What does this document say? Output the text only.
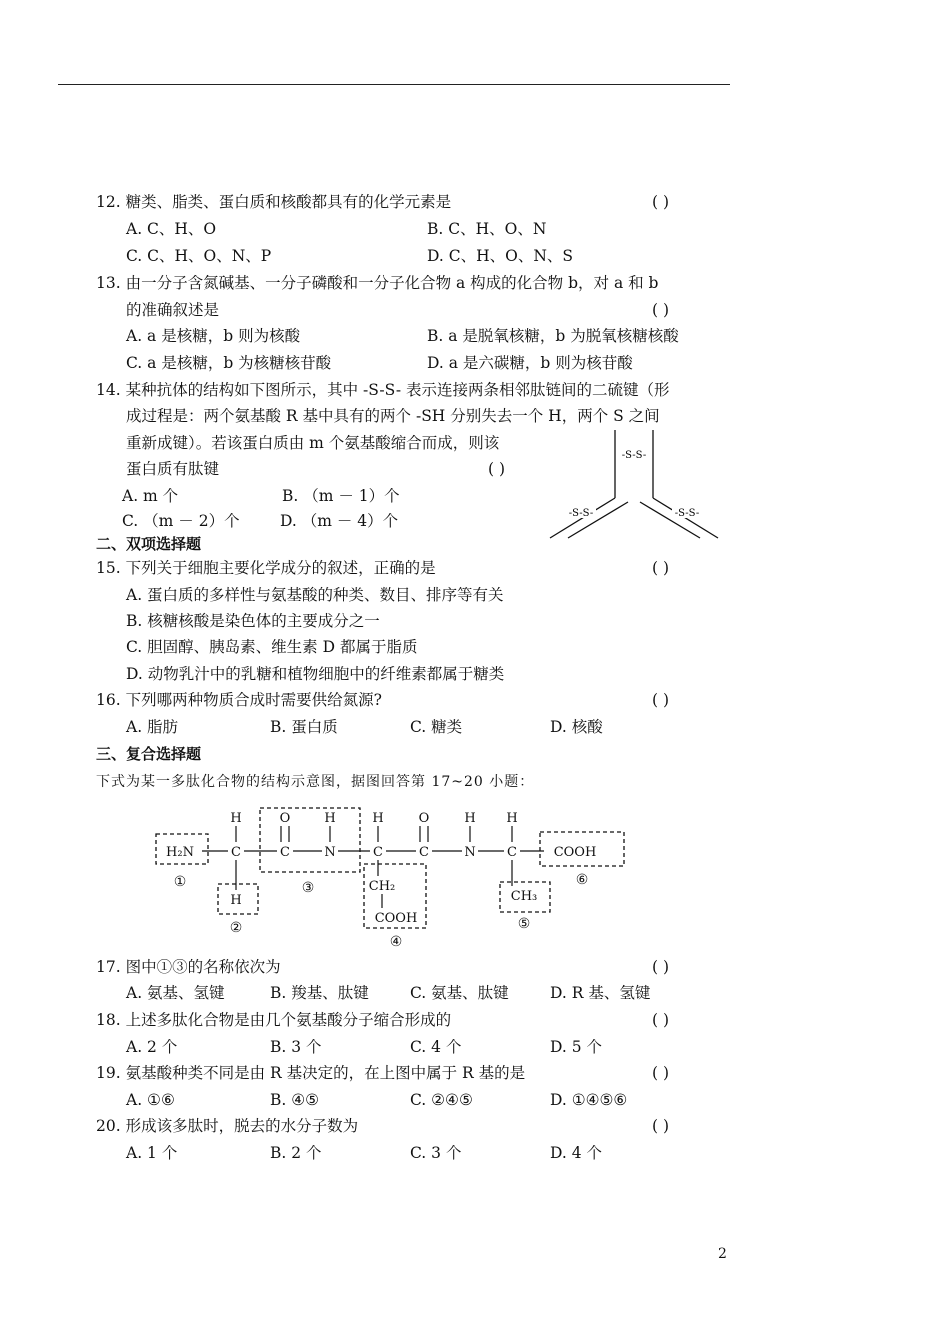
12. 糖类、脂类、蛋白质和核酸都具有的化学元素是	( )
A. C、H、O	B. C、H、O、N
C. C、H、O、N、P	D. C、H、O、N、S
13. 由一分子含氮碱基、一分子磷酸和一分子化合物 a 构成的化合物 b，对 a 和 b
的准确叙述是	( )
A. a 是核糖，b 则为核酸	B. a 是脱氧核糖，b 为脱氧核糖核酸
C. a 是核糖，b 为核糖核苷酸	D. a 是六碳糖，b 则为核苷酸
14. 某种抗体的结构如下图所示，其中 -S-S- 表示连接两条相邻肽链间的二硫键（形
成过程是：两个氨基酸 R 基中具有的两个 -SH 分别失去一个 H，两个 S 之间
重新成键）。若该蛋白质由 m 个氨基酸缩合而成，则该
蛋白质有肽键	( )
A. m 个	B. （m － 1）个
C. （m － 2）个	D. （m － 4）个
-S-S-
-S-S-	-S-S-
二、双项选择题
15. 下列关于细胞主要化学成分的叙述，正确的是	( )
A. 蛋白质的多样性与氨基酸的种类、数目、排序等有关
B. 核糖核酸是染色体的主要成分之一
C. 胆固醇、胰岛素、维生素 D 都属于脂质
D. 动物乳汁中的乳糖和植物细胞中的纤维素都属于糖类
16. 下列哪两种物质合成时需要供给氮源?	( )
A. 脂肪	B. 蛋白质	C. 糖类	D. 核酸
三、复合选择题
下式为某一多肽化合物的结构示意图，据图回答第 17~20 小题：
H	O	H	H	O	H H
H₂N	C	C	N	C	C	N C	COOH
H
CH₂
COOH
CH₃
①
②
③
④
⑤
⑥
17. 图中①③的名称依次为	( )
A. 氨基、氢键	B. 羧基、肽键	C. 氨基、肽键	D. R 基、氢键
18. 上述多肽化合物是由几个氨基酸分子缩合形成的	( )
A. 2 个	B. 3 个	C. 4 个	D. 5 个
19. 氨基酸种类不同是由 R 基决定的，在上图中属于 R 基的是	( )
A. ①⑥	B. ④⑤	C. ②④⑤	D. ①④⑤⑥
20. 形成该多肽时，脱去的水分子数为	( )
A. 1 个	B. 2 个	C. 3 个	D. 4 个
2
